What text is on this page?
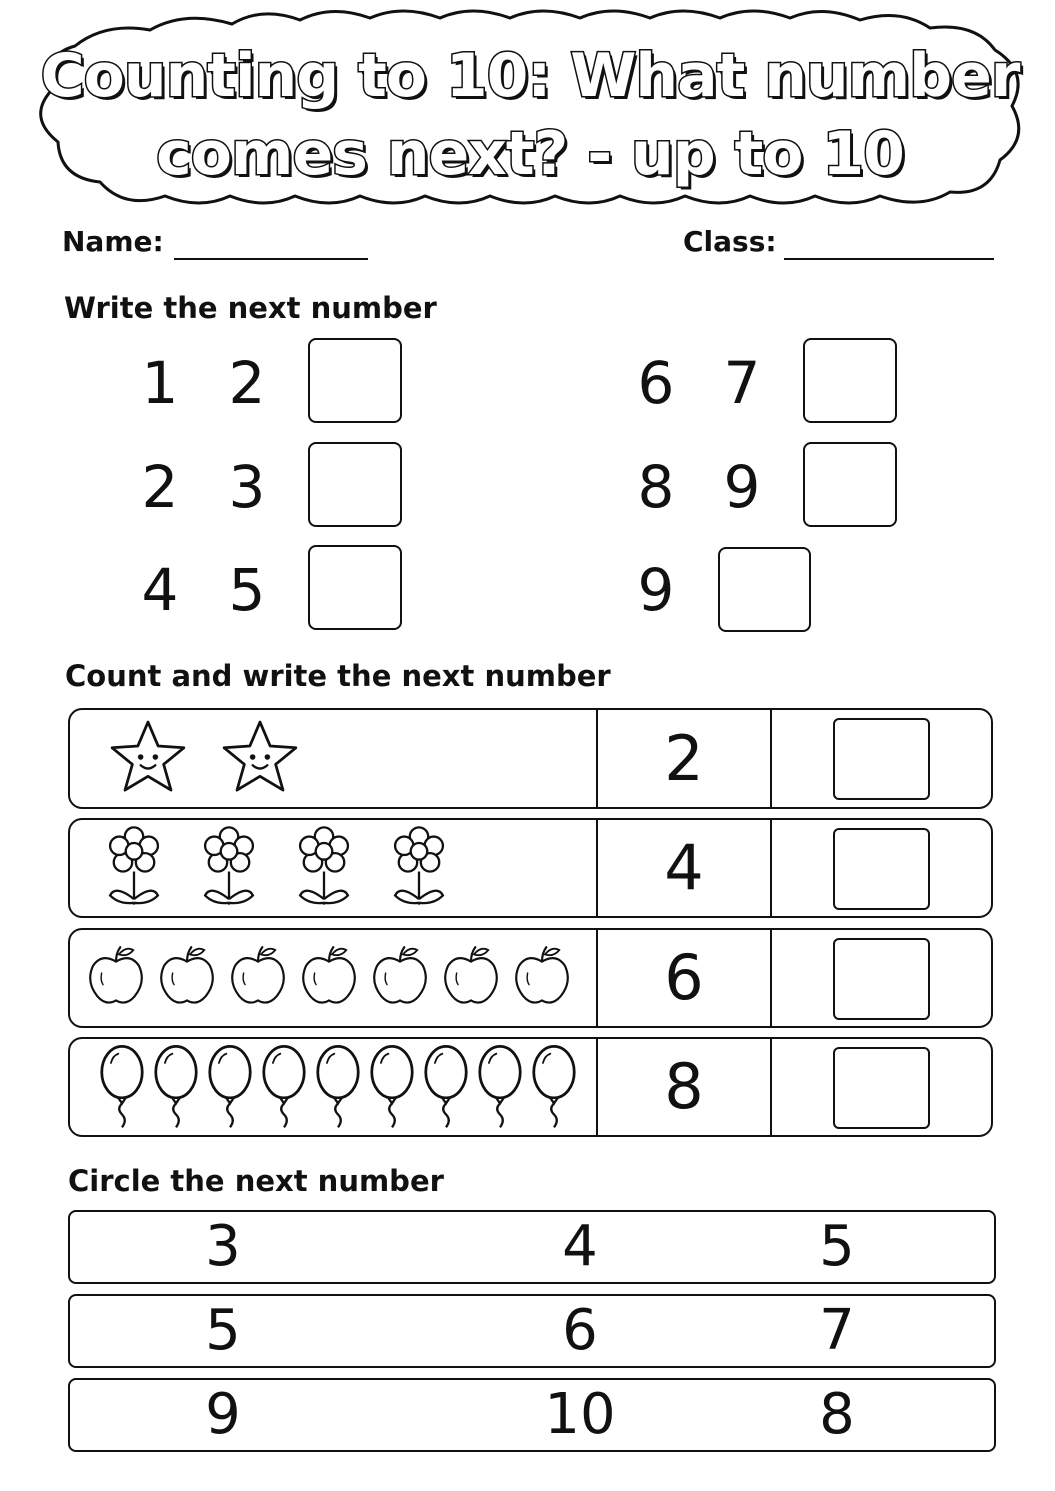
Counting to 10: What number
comes next? - up to 10
Name:	Class:
Write the next number
1 2
2 3
4 5
6 7
8 9
9
Count and write the next number
2
4
6
8
Circle the next number
3	4	5
5	6	7
9	10	8
